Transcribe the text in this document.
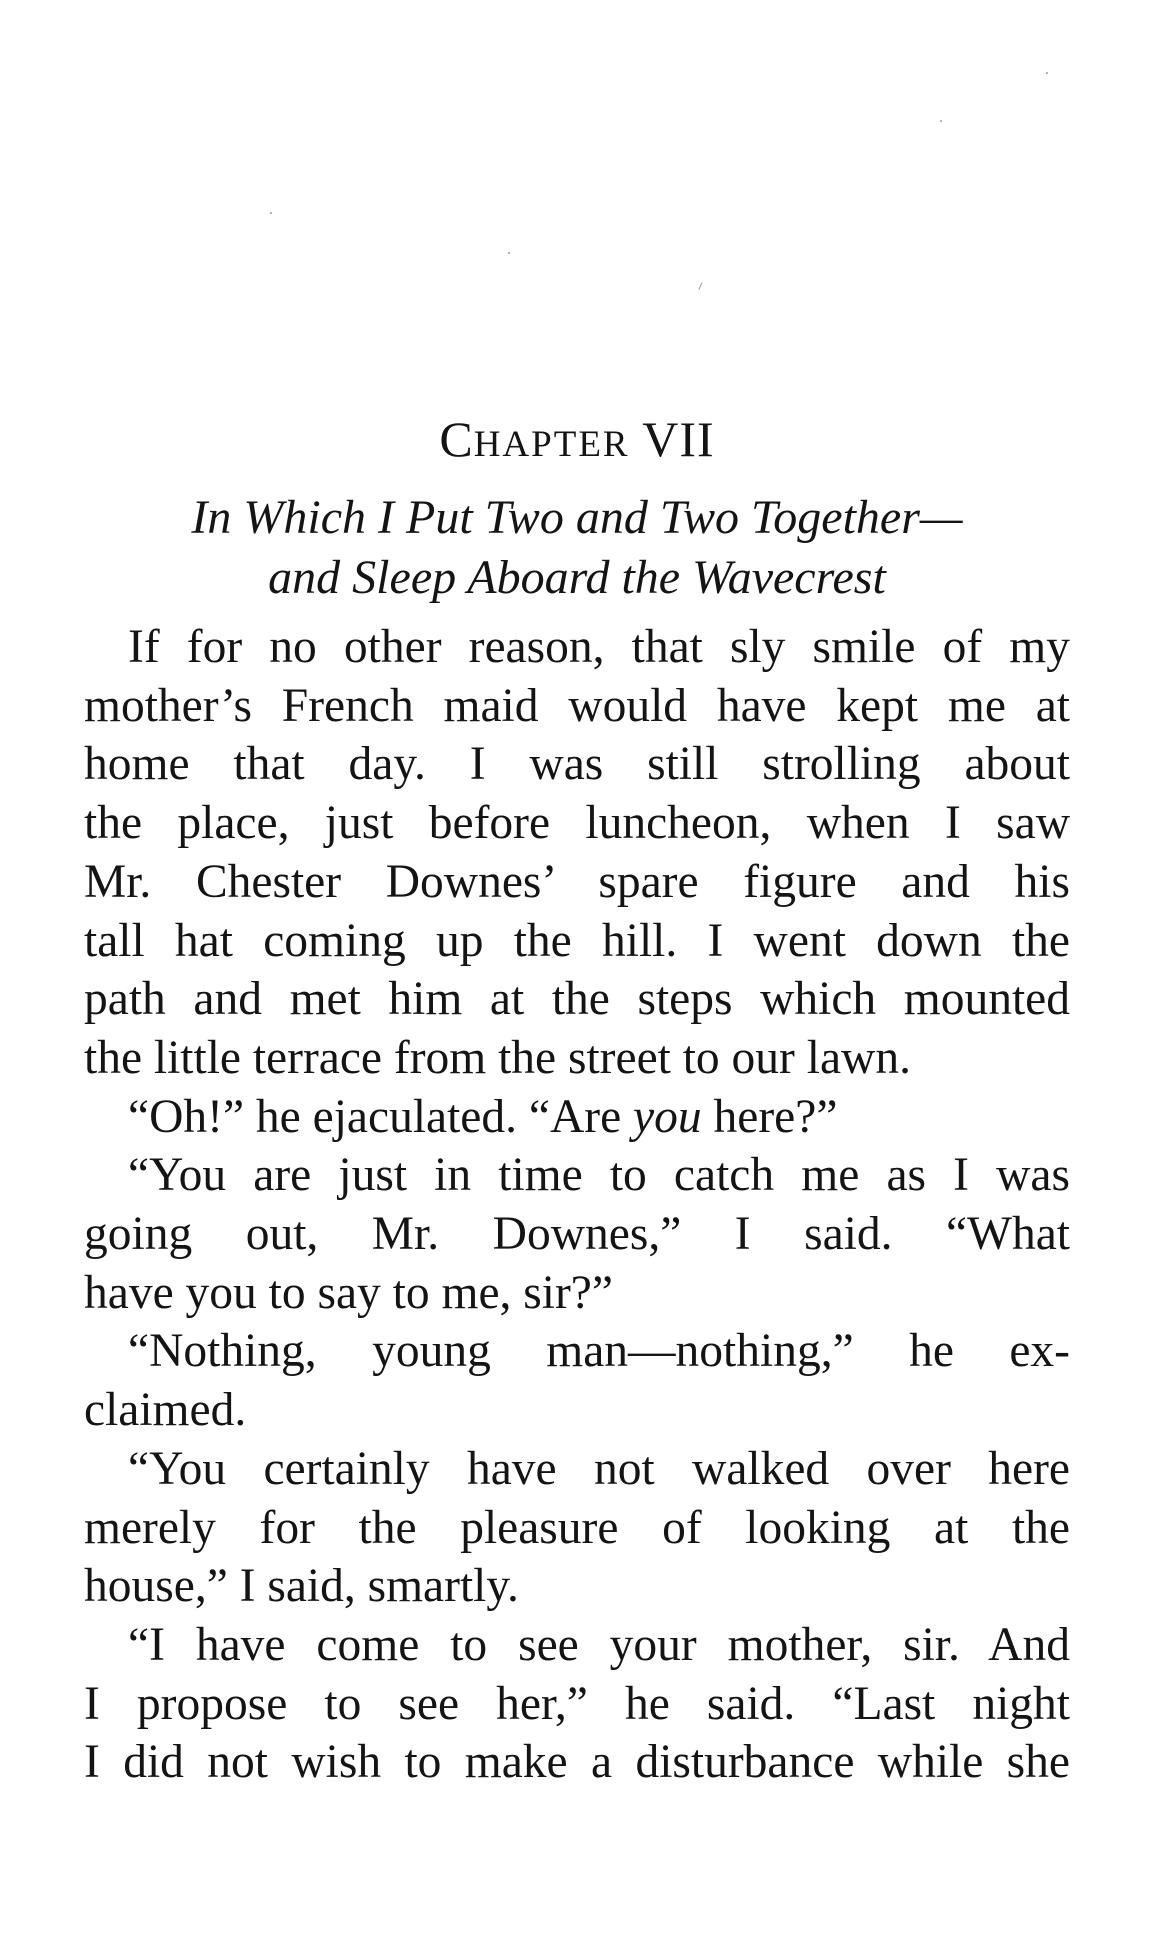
CHAPTER VII
In Which I Put Two and Two Together—
and Sleep Aboard the Wavecrest

If for no other reason, that sly smile of my
mother’s French maid would have kept me at
home that day. I was still strolling about
the place, just before luncheon, when I saw
Mr. Chester Downes’ spare figure and his
tall hat coming up the hill. I went down the
path and met him at the steps which mounted
the little terrace from the street to our lawn.

“Oh!” he ejaculated. “Are you here?”

“You are just in time to catch me as I was
going out, Mr. Downes,” I said. “What
have you to say to me, sir?”

“Nothing, young man—nothing,” he ex-
claimed.

“You certainly have not walked over here
merely for the pleasure of looking at the
house,” I said, smartly.

“I have come to see your mother, sir. And
I propose to see her,” he said. “Last night
I did not wish to make a disturbance while she
